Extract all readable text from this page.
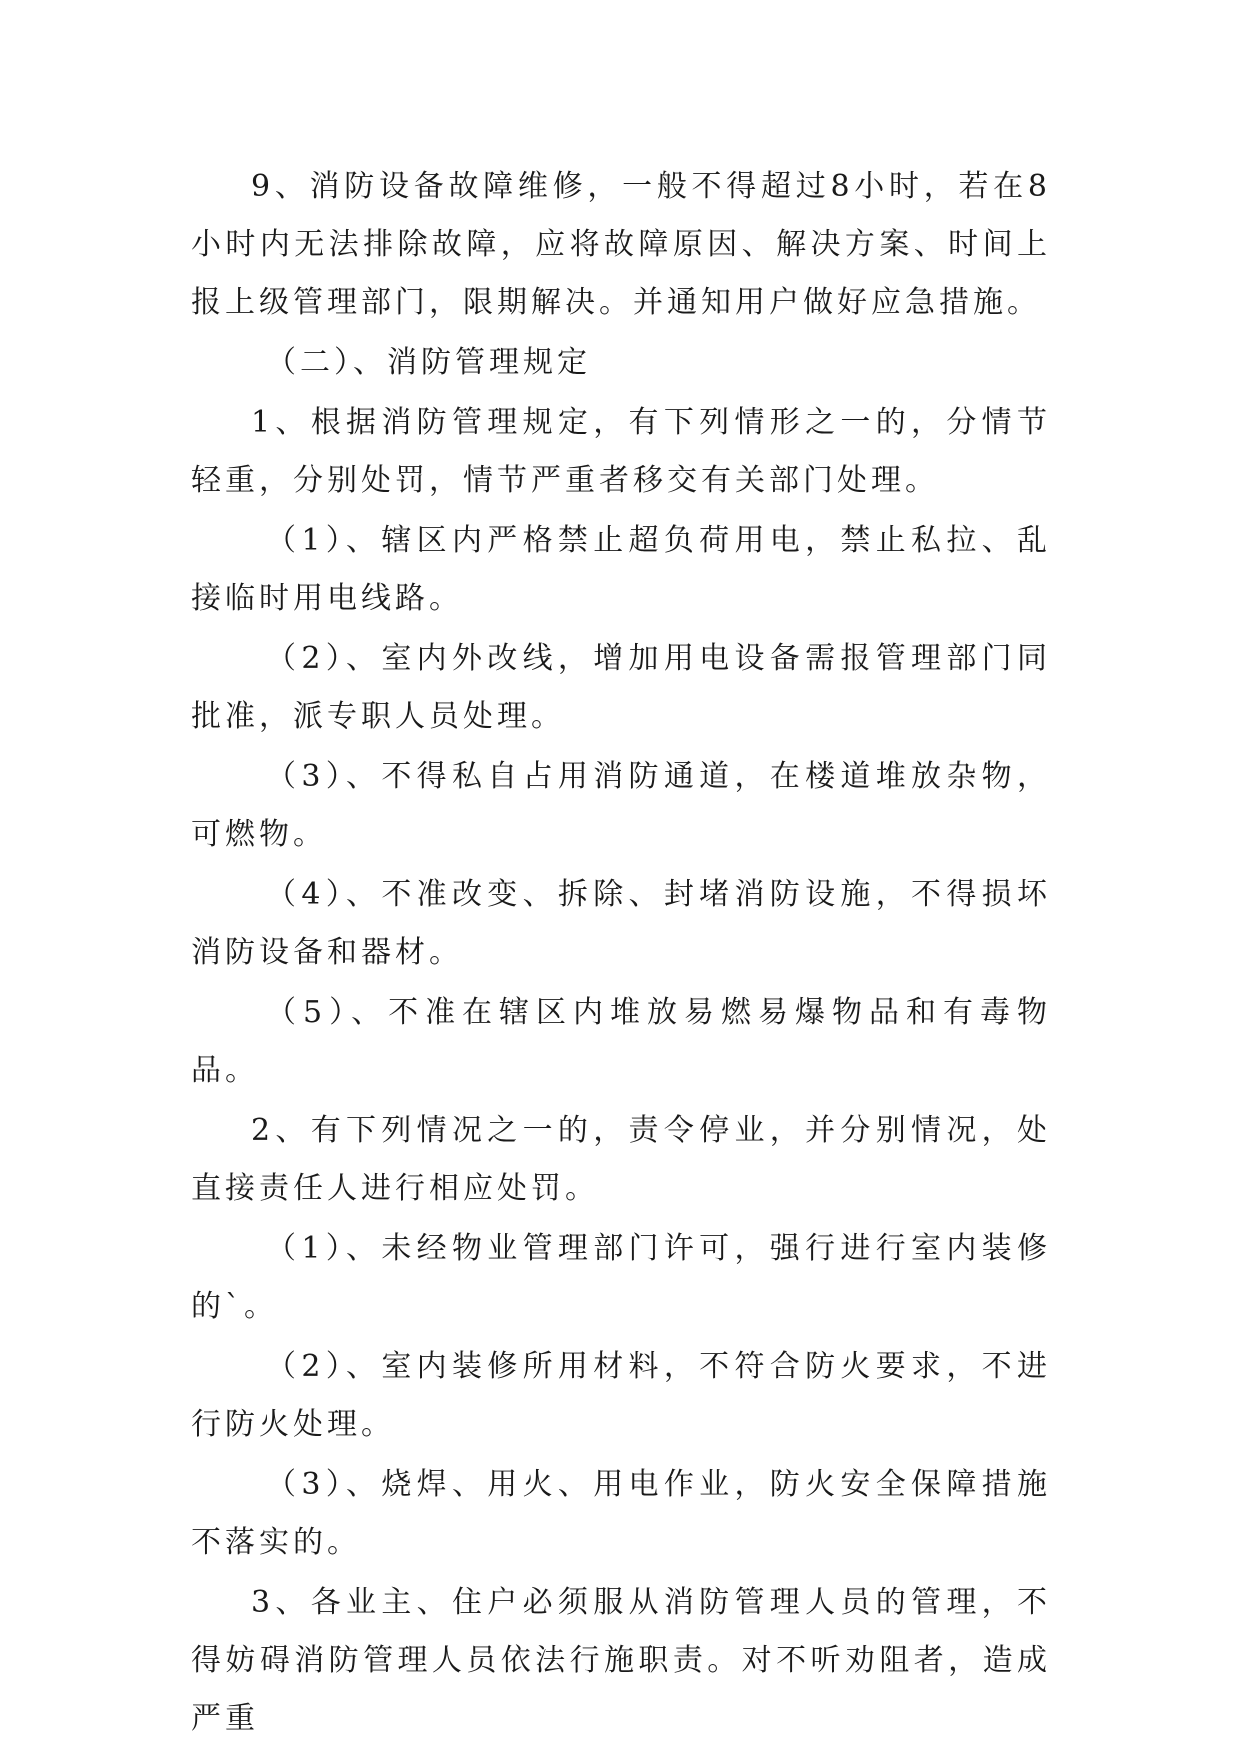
9、消防设备故障维修，一般不得超过8小时，若在8小时内无法排除故障，应将故障原因、解决方案、时间上报上级管理部门，限期解决。并通知用户做好应急措施。

（二）、消防管理规定

1、根据消防管理规定，有下列情形之一的，分情节轻重，分别处罚，情节严重者移交有关部门处理。

（1）、辖区内严格禁止超负荷用电，禁止私拉、乱接临时用电线路。

（2）、室内外改线，增加用电设备需报管理部门同批准，派专职人员处理。

（3）、不得私自占用消防通道，在楼道堆放杂物，可燃物。

（4）、不准改变、拆除、封堵消防设施，不得损坏消防设备和器材。

（5）、不准在辖区内堆放易燃易爆物品和有毒物品。

2、有下列情况之一的，责令停业，并分别情况，处直接责任人进行相应处罚。

（1）、未经物业管理部门许可，强行进行室内装修的`。

（2）、室内装修所用材料，不符合防火要求，不进行防火处理。

（3）、烧焊、用火、用电作业，防火安全保障措施不落实的。

3、各业主、住户必须服从消防管理人员的管理，不得妨碍消防管理人员依法行施职责。对不听劝阻者，造成严重
